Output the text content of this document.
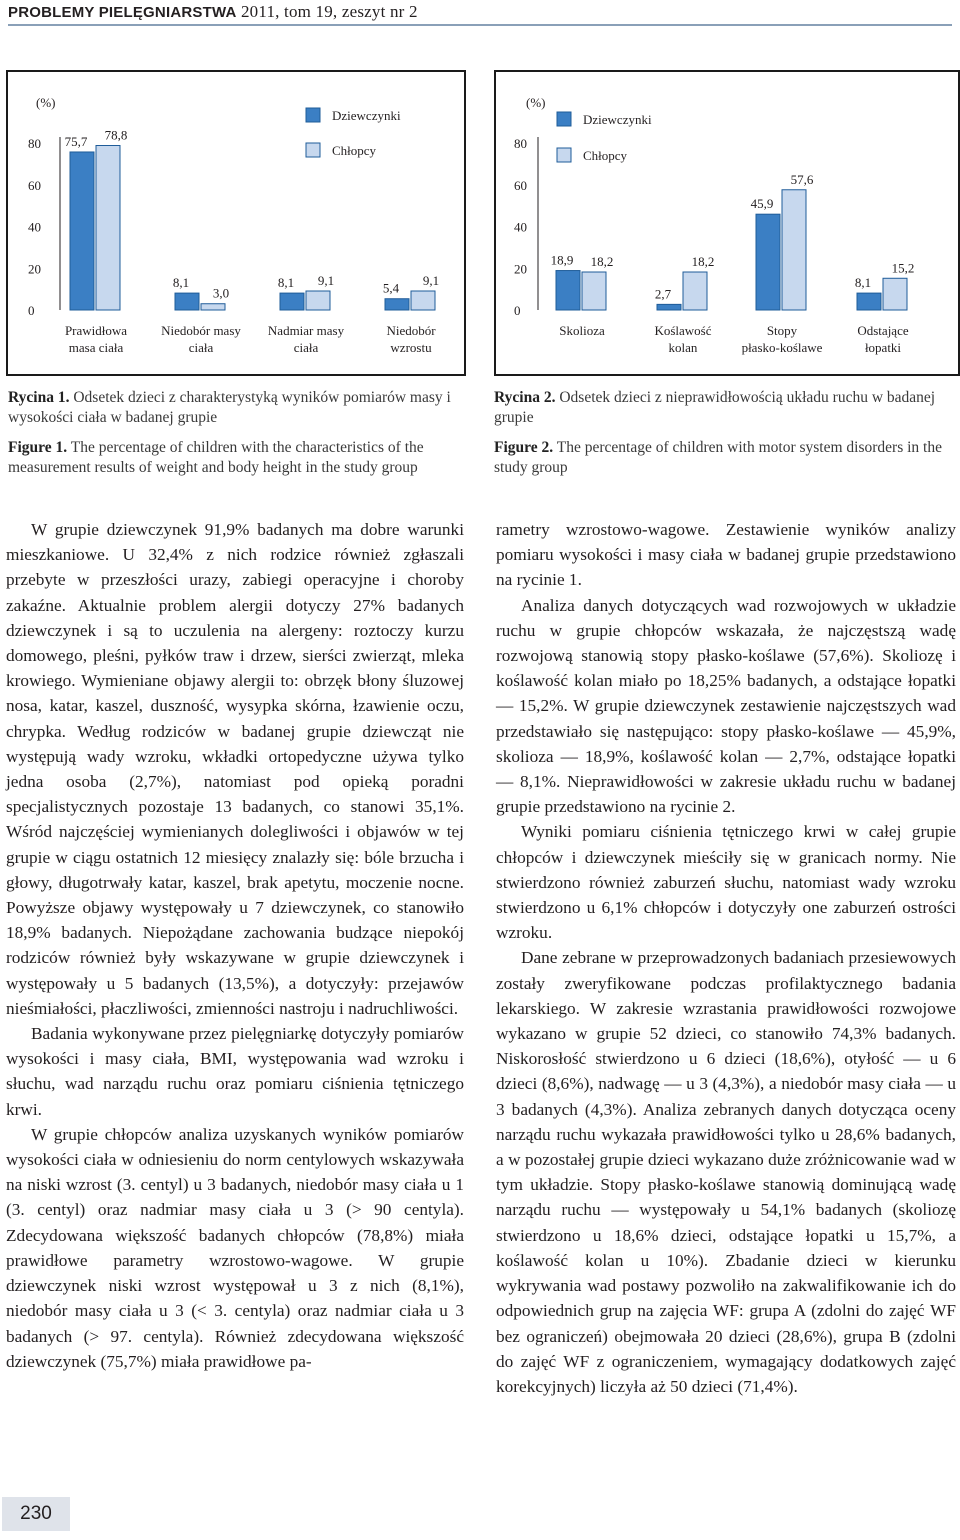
PROBLEMY PIELĘGNIARSTWA 2011, tom 19, zeszyt nr 2
(%)
0
20
40
60
80 75,7 78,8
Prawidłowa
masa ciała
8,1
3,0
Niedobór masy
ciała
8,1 9,1
Nadmiar masy
ciała
5,4
9,1
Niedobór
wzrostu
Dziewczynki
Chłopcy
(%)
0
20
40
60
80
18,9 18,2
Skolioza
2,7
18,2
Koślawość
kolan
45,9
57,6
Stopy
płasko-koślawe
8,1
15,2
Odstające
łopatki
Dziewczynki
Chłopcy

Rycina 1. Odsetek dzieci z charakterystyką wyników pomiarów masy i wysokości ciała w badanej grupie

Figure 1. The percentage of children with the characteristics of the measurement results of weight and body height in the study group

Rycina 2. Odsetek dzieci z nieprawidłowością układu ruchu w badanej grupie

Figure 2. The percentage of children with motor system disorders in the study group

W grupie dziewczynek 91,9% badanych ma dobre warunki mieszkaniowe. U 32,4% z nich rodzice również zgłaszali przebyte w przeszłości urazy, zabiegi operacyjne i choroby zakaźne. Aktualnie problem alergii dotyczy 27% badanych dziewczynek i są to uczulenia na alergeny: roztoczy kurzu domowego, pleśni, pyłków traw i drzew, sierści zwierząt, mleka krowiego. Wymieniane objawy alergii to: obrzęk błony śluzowej nosa, katar, kaszel, duszność, wysypka skórna, łzawienie oczu, chrypka. Według rodziców w badanej grupie dziewcząt nie występują wady wzroku, wkładki ortopedyczne używa tylko jedna osoba (2,7%), natomiast pod opieką poradni specjalistycznych pozostaje 13 badanych, co stanowi 35,1%. Wśród najczęściej wymienianych dolegliwości i objawów w tej grupie w ciągu ostatnich 12 miesięcy znalazły się: bóle brzucha i głowy, długotrwały katar, kaszel, brak apetytu, moczenie nocne. Powyższe objawy występowały u 7 dziewczynek, co stanowiło 18,9% badanych. Niepożądane zachowania budzące niepokój rodziców również były wskazywane w grupie dziewczynek i występowały u 5 badanych (13,5%), a dotyczyły: przejawów nieśmiałości, płaczliwości, zmienności nastroju i nadruchliwości.

Badania wykonywane przez pielęgniarkę dotyczyły pomiarów wysokości i masy ciała, BMI, występowania wad wzroku i słuchu, wad narządu ruchu oraz pomiaru ciśnienia tętniczego krwi.

W grupie chłopców analiza uzyskanych wyników pomiarów wysokości ciała w odniesieniu do norm centylowych wskazywała na niski wzrost (3. centyl) u 3 badanych, niedobór masy ciała u 1 (3. centyl) oraz nadmiar masy ciała u 3 (> 90 centyla). Zdecydowana większość badanych chłopców (78,8%) miała prawidłowe parametry wzrostowo-wagowe. W grupie dziewczynek niski wzrost występował u 3 z nich (8,1%), niedobór masy ciała u 3 (< 3. centyla) oraz nadmiar ciała u 3 badanych (> 97. centyla). Również zdecydowana większość dziewczynek (75,7%) miała prawidłowe pa-

rametry wzrostowo-wagowe. Zestawienie wyników analizy pomiaru wysokości i masy ciała w badanej grupie przedstawiono na rycinie 1.

Analiza danych dotyczących wad rozwojowych w układzie ruchu w grupie chłopców wskazała, że najczęstszą wadę rozwojową stanowią stopy płasko-koślawe (57,6%). Skoliozę i koślawość kolan miało po 18,25% badanych, a odstające łopatki — 15,2%. W grupie dziewczynek zestawienie najczęstszych wad przedstawiało się następująco: stopy płasko-koślawe — 45,9%, skolioza — 18,9%, koślawość kolan — 2,7%, odstające łopatki — 8,1%. Nieprawidłowości w zakresie układu ruchu w badanej grupie przedstawiono na rycinie 2.

Wyniki pomiaru ciśnienia tętniczego krwi w całej grupie chłopców i dziewczynek mieściły się w granicach normy. Nie stwierdzono również zaburzeń słuchu, natomiast wady wzroku stwierdzono u 6,1% chłopców i dotyczyły one zaburzeń ostrości wzroku.

Dane zebrane w przeprowadzonych badaniach przesiewowych zostały zweryfikowane podczas profilaktycznego badania lekarskiego. W zakresie wzrastania prawidłowości rozwojowe wykazano w grupie 52 dzieci, co stanowiło 74,3% badanych. Niskorosłość stwierdzono u 6 dzieci (18,6%), otyłość — u 6 dzieci (8,6%), nadwagę — u 3 (4,3%), a niedobór masy ciała — u 3 badanych (4,3%). Analiza zebranych danych dotycząca oceny narządu ruchu wykazała prawidłowości tylko u 28,6% badanych, a w pozostałej grupie dzieci wykazano duże zróżnicowanie wad w tym układzie. Stopy płasko-koślawe stanowią dominującą wadę narządu ruchu — występowały u 54,1% badanych (skoliozę stwierdzono u 18,6% dzieci, odstające łopatki u 15,7%, a koślawość kolan u 10%). Zbadanie dzieci w kierunku wykrywania wad postawy pozwoliło na zakwalifikowanie ich do odpowiednich grup na zajęcia WF: grupa A (zdolni do zajęć WF bez ograniczeń) obejmowała 20 dzieci (28,6%), grupa B (zdolni do zajęć WF z ograniczeniem, wymagający dodatkowych zajęć korekcyjnych) liczyła aż 50 dzieci (71,4%).

230
